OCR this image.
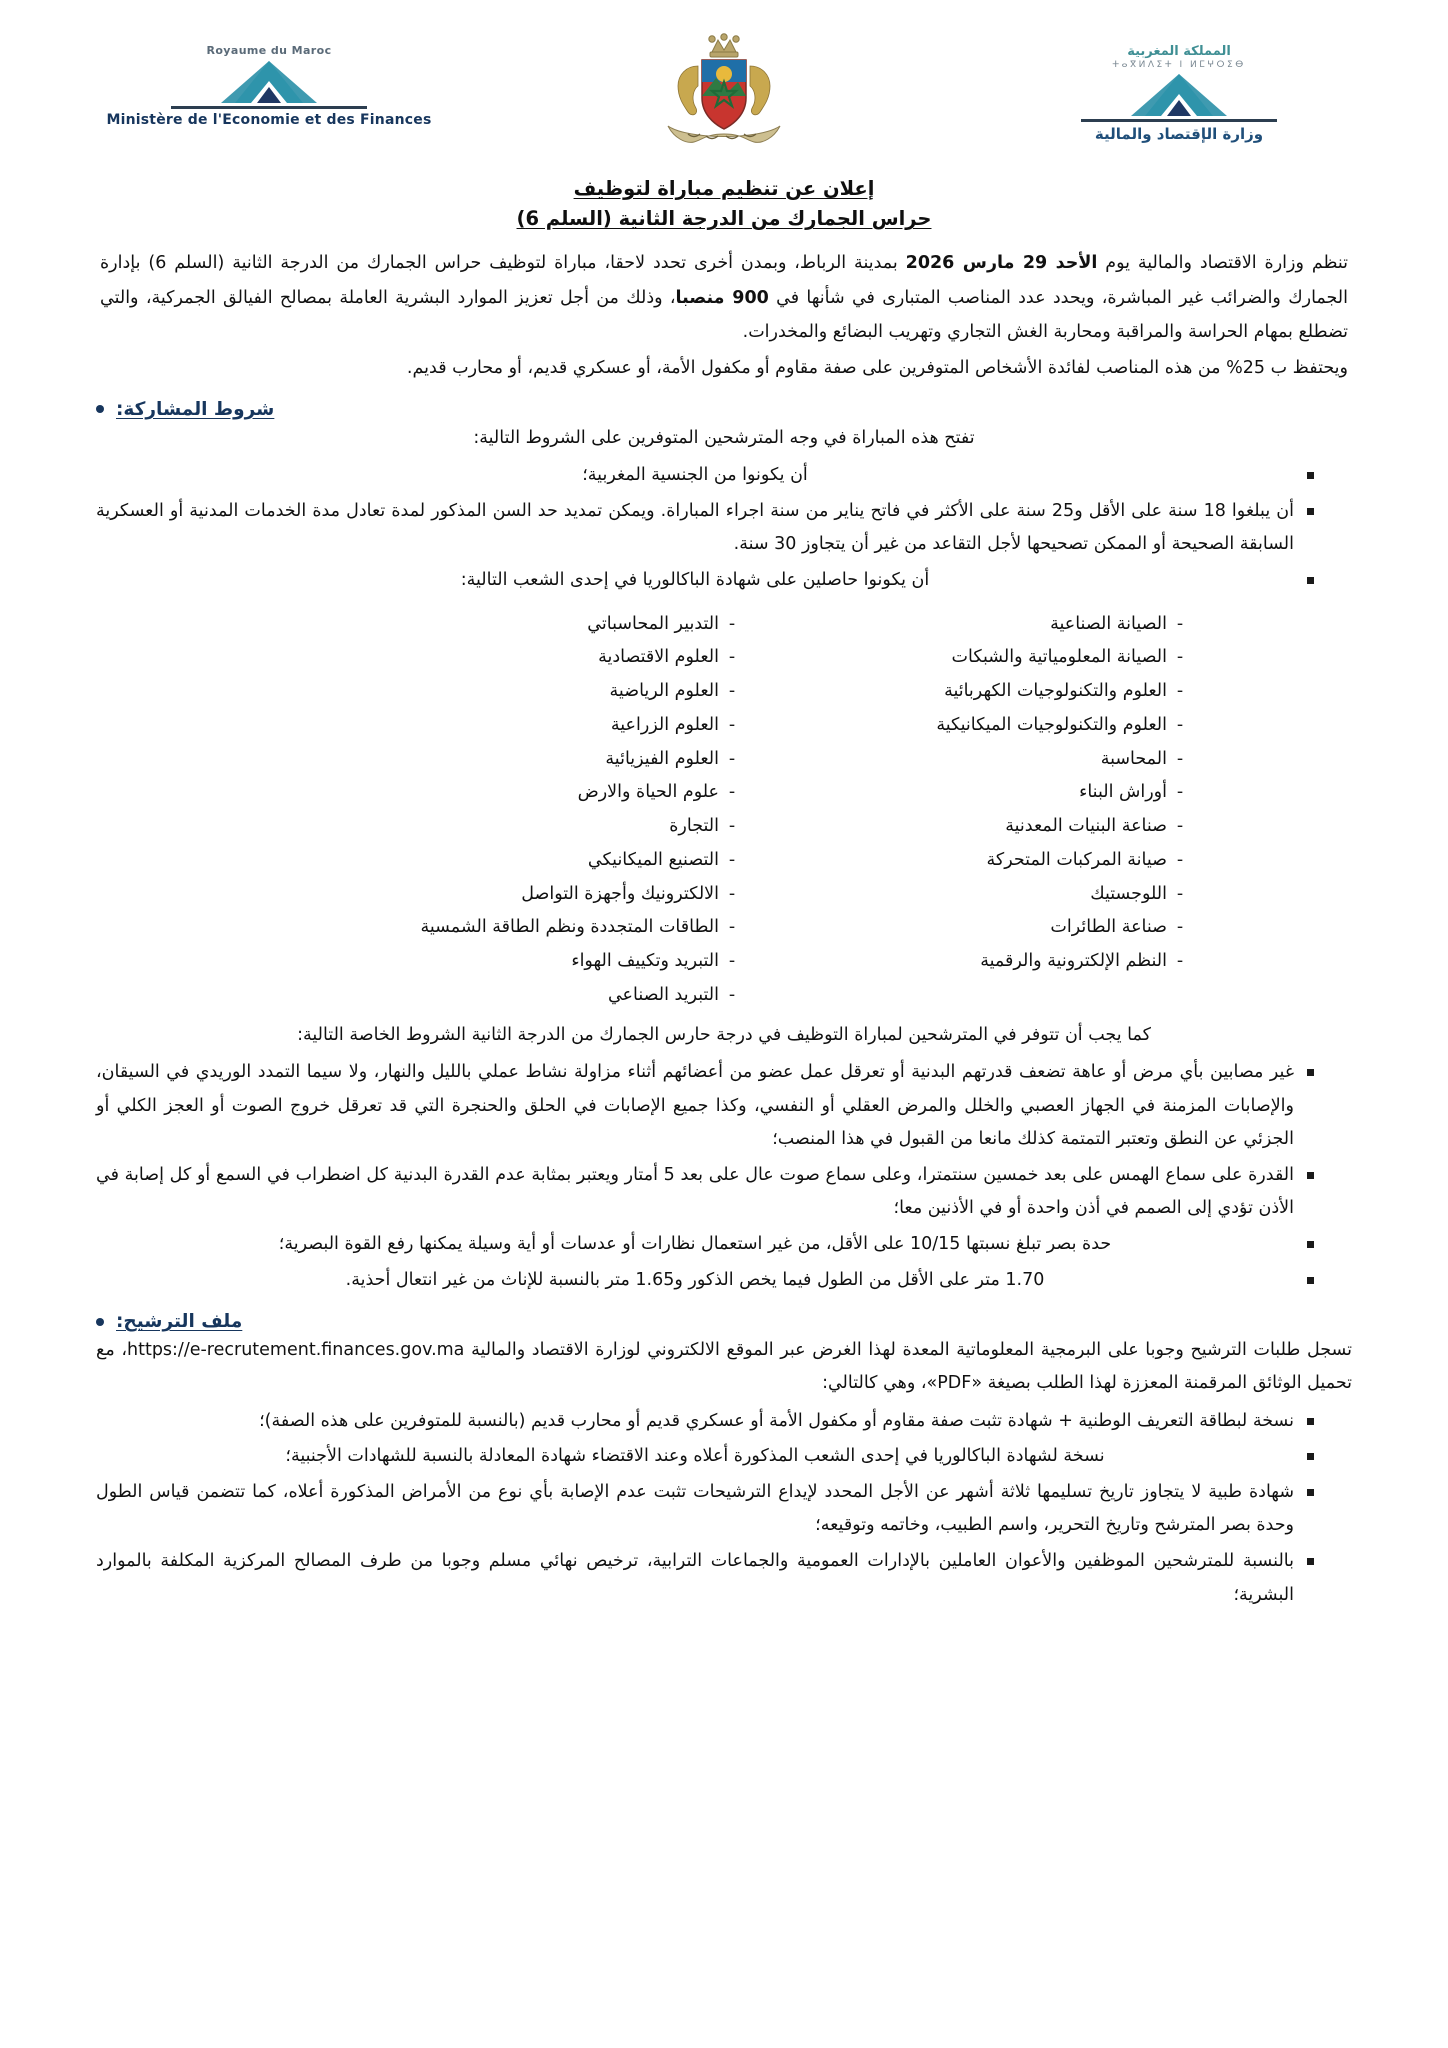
Royaume du Maroc
Ministère de l'Economie et des Finances
المملكة المغربية
ⵜⴰⴳⵍⴷⵉⵜ ⵏ ⵍⵎⵖⵔⵉⴱ
وزارة الإقتصاد والمالية
إعلان عن تنظيم مباراة لتوظيف
حراس الجمارك من الدرجة الثانية (السلم 6)

تنظم وزارة الاقتصاد والمالية يوم الأحد 29 مارس 2026 بمدينة الرباط، وبمدن أخرى تحدد لاحقا، مباراة لتوظيف حراس الجمارك من الدرجة الثانية (السلم 6) بإدارة الجمارك والضرائب غير المباشرة، ويحدد عدد المناصب المتبارى في شأنها في 900 منصبا، وذلك من أجل تعزيز الموارد البشرية العاملة بمصالح الفيالق الجمركية، والتي تضطلع بمهام الحراسة والمراقبة ومحاربة الغش التجاري وتهريب البضائع والمخدرات.

ويحتفظ ب 25% من هذه المناصب لفائدة الأشخاص المتوفرين على صفة مقاوم أو مكفول الأمة، أو عسكري قديم، أو محارب قديم.

شروط المشاركة:
تفتح هذه المباراة في وجه المترشحين المتوفرين على الشروط التالية:
أن يكونوا من الجنسية المغربية؛
أن يبلغوا 18 سنة على الأقل و25 سنة على الأكثر في فاتح يناير من سنة اجراء المباراة. ويمكن تمديد حد السن المذكور لمدة تعادل مدة الخدمات المدنية أو العسكرية السابقة الصحيحة أو الممكن تصحيحها لأجل التقاعد من غير أن يتجاوز 30 سنة.
أن يكونوا حاصلين على شهادة الباكالوريا في إحدى الشعب التالية:
-
الصيانة الصناعية
-
الصيانة المعلومياتية والشبكات
-
العلوم والتكنولوجيات الكهربائية
-
العلوم والتكنولوجيات الميكانيكية
-
المحاسبة
-
أوراش البناء
-
صناعة البنيات المعدنية
-
صيانة المركبات المتحركة
-
اللوجستيك
-
صناعة الطائرات
-
النظم الإلكترونية والرقمية
-
التدبير المحاسباتي
-
العلوم الاقتصادية
-
العلوم الرياضية
-
العلوم الزراعية
-
العلوم الفيزيائية
-
علوم الحياة والارض
-
التجارة
-
التصنيع الميكانيكي
-
الالكترونيك وأجهزة التواصل
-
الطاقات المتجددة ونظم الطاقة الشمسية
-
التبريد وتكييف الهواء
-
التبريد الصناعي
كما يجب أن تتوفر في المترشحين لمباراة التوظيف في درجة حارس الجمارك من الدرجة الثانية الشروط الخاصة التالية:
غير مصابين بأي مرض أو عاهة تضعف قدرتهم البدنية أو تعرقل عمل عضو من أعضائهم أثناء مزاولة نشاط عملي بالليل والنهار، ولا سيما التمدد الوريدي في السيقان، والإصابات المزمنة في الجهاز العصبي والخلل والمرض العقلي أو النفسي، وكذا جميع الإصابات في الحلق والحنجرة التي قد تعرقل خروج الصوت أو العجز الكلي أو الجزئي عن النطق وتعتبر التمتمة كذلك مانعا من القبول في هذا المنصب؛
القدرة على سماع الهمس على بعد خمسين سنتمترا، وعلى سماع صوت عال على بعد 5 أمتار ويعتبر بمثابة عدم القدرة البدنية كل اضطراب في السمع أو كل إصابة في الأذن تؤدي إلى الصمم في أذن واحدة أو في الأذنين معا؛
حدة بصر تبلغ نسبتها 10/15 على الأقل، من غير استعمال نظارات أو عدسات أو أية وسيلة يمكنها رفع القوة البصرية؛
1.70 متر على الأقل من الطول فيما يخص الذكور و1.65 متر بالنسبة للإناث من غير انتعال أحذية.
ملف الترشيح:
تسجل طلبات الترشيح وجوبا على البرمجية المعلوماتية المعدة لهذا الغرض عبر الموقع الالكتروني لوزارة الاقتصاد والمالية https://e-recrutement.finances.gov.ma، مع تحميل الوثائق المرقمنة المعززة لهذا الطلب بصيغة «PDF»، وهي كالتالي:
نسخة لبطاقة التعريف الوطنية + شهادة تثبت صفة مقاوم أو مكفول الأمة أو عسكري قديم أو محارب قديم (بالنسبة للمتوفرين على هذه الصفة)؛
نسخة لشهادة الباكالوريا في إحدى الشعب المذكورة أعلاه وعند الاقتضاء شهادة المعادلة بالنسبة للشهادات الأجنبية؛
شهادة طبية لا يتجاوز تاريخ تسليمها ثلاثة أشهر عن الأجل المحدد لإيداع الترشيحات تثبت عدم الإصابة بأي نوع من الأمراض المذكورة أعلاه، كما تتضمن قياس الطول وحدة بصر المترشح وتاريخ التحرير، واسم الطبيب، وخاتمه وتوقيعه؛
بالنسبة للمترشحين الموظفين والأعوان العاملين بالإدارات العمومية والجماعات الترابية، ترخيص نهائي مسلم وجوبا من طرف المصالح المركزية المكلفة بالموارد البشرية؛
